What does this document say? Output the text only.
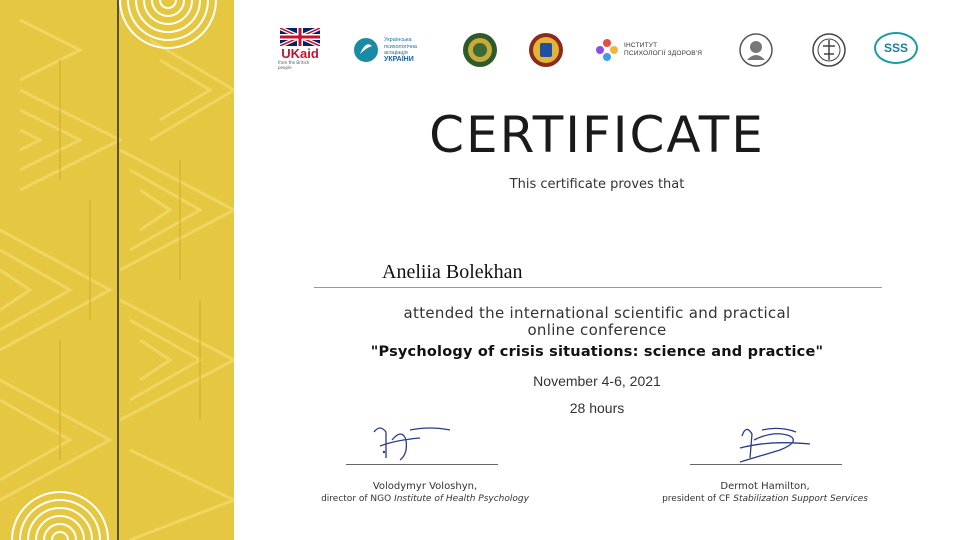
UKaid
from the British people
Українська
психологічна
асоціація
УКРАЇНИ
ІНСТИТУТ
ПСИХОЛОГІЇ ЗДОРОВ'Я	SSS
CERTIFICATE
This certificate proves that
Aneliia Bolekhan
attended the international scientific and practical
online conference
"Psychology of crisis situations: science and practice"
November 4-6, 2021
28 hours
Volodymyr Voloshyn,
director of NGO Institute of Health Psychology
Dermot Hamilton,
president of CF Stabilization Support Services
